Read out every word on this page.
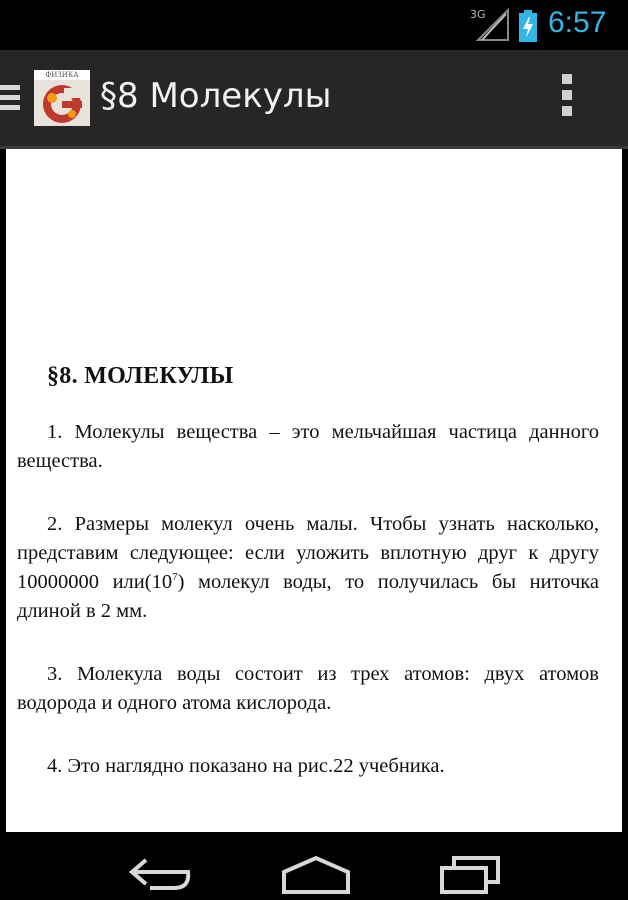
3G 6:57
ФИЗИКА
§8 Молекулы
§8. МОЛЕКУЛЫ

1. Молекулы вещества – это мельчайшая частица данного вещества.

2. Размеры молекул очень малы. Чтобы узнать насколько, представим следующее: если уложить вплотную друг к другу 10000000 $или(10^7)$ молекул воды, то получилась бы ниточка длиной в 2 мм.

3. Молекула воды состоит из трех атомов: двух атомов водорода и одного атома кислорода.

4. Это наглядно показано на рис.22 учебника.
